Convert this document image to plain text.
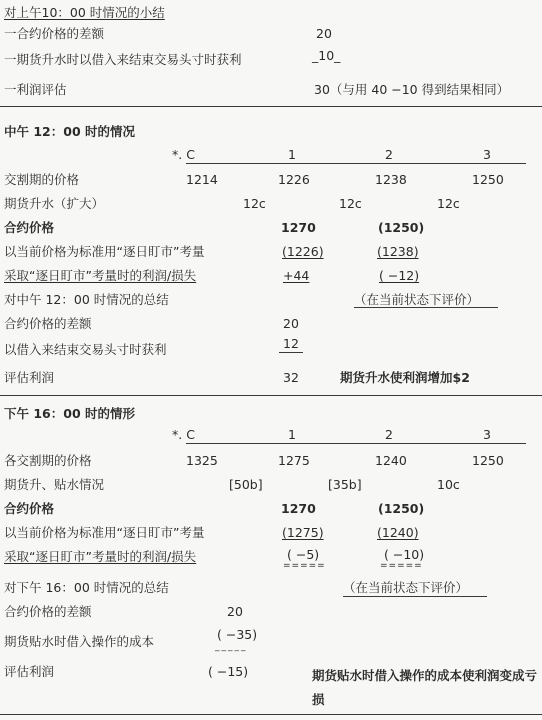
对上午10：00 时情况的小结
一合约价格的差额	20
一期货升水时以借入来结束交易头寸时获利	_10_
一利润评估	30（与用 40 −10 得到结果相同）
中午 12：00 时的情况
*. C	1	2	3
交割期的价格	1214	1226	1238	1250
期货升水（扩大）	12c	12c	12c
合约价格	1270	(1250)
以当前价格为标准用“逐日盯市”考量	(1226)	(1238)
采取“逐日盯市”考量时的利润/损失	+44	( −12)
对中午 12：00 时情况的总结	（在当前状态下评价）
合约价格的差额	20
以借入来结束交易头寸时获利	12
评估利润	32	期货升水使利润增加$2
下午 16：00 时的情形
*. C	1	2	3
各交割期的价格	1325	1275	1240	1250
期货升、贴水情况	[50b]	[35b]	10c
合约价格	1270	(1250)
以当前价格为标准用“逐日盯市”考量	(1275)	(1240)
采取“逐日盯市”考量时的利润/损失	( −5)	( −10)
=====	=====
对下午 16：00 时情况的总结	（在当前状态下评价）
合约价格的差额	20
期货贴水时借入操作的成本	( −35)
_____
评估利润	( −15)	期货贴水时借入操作的成本使利润变成亏损
